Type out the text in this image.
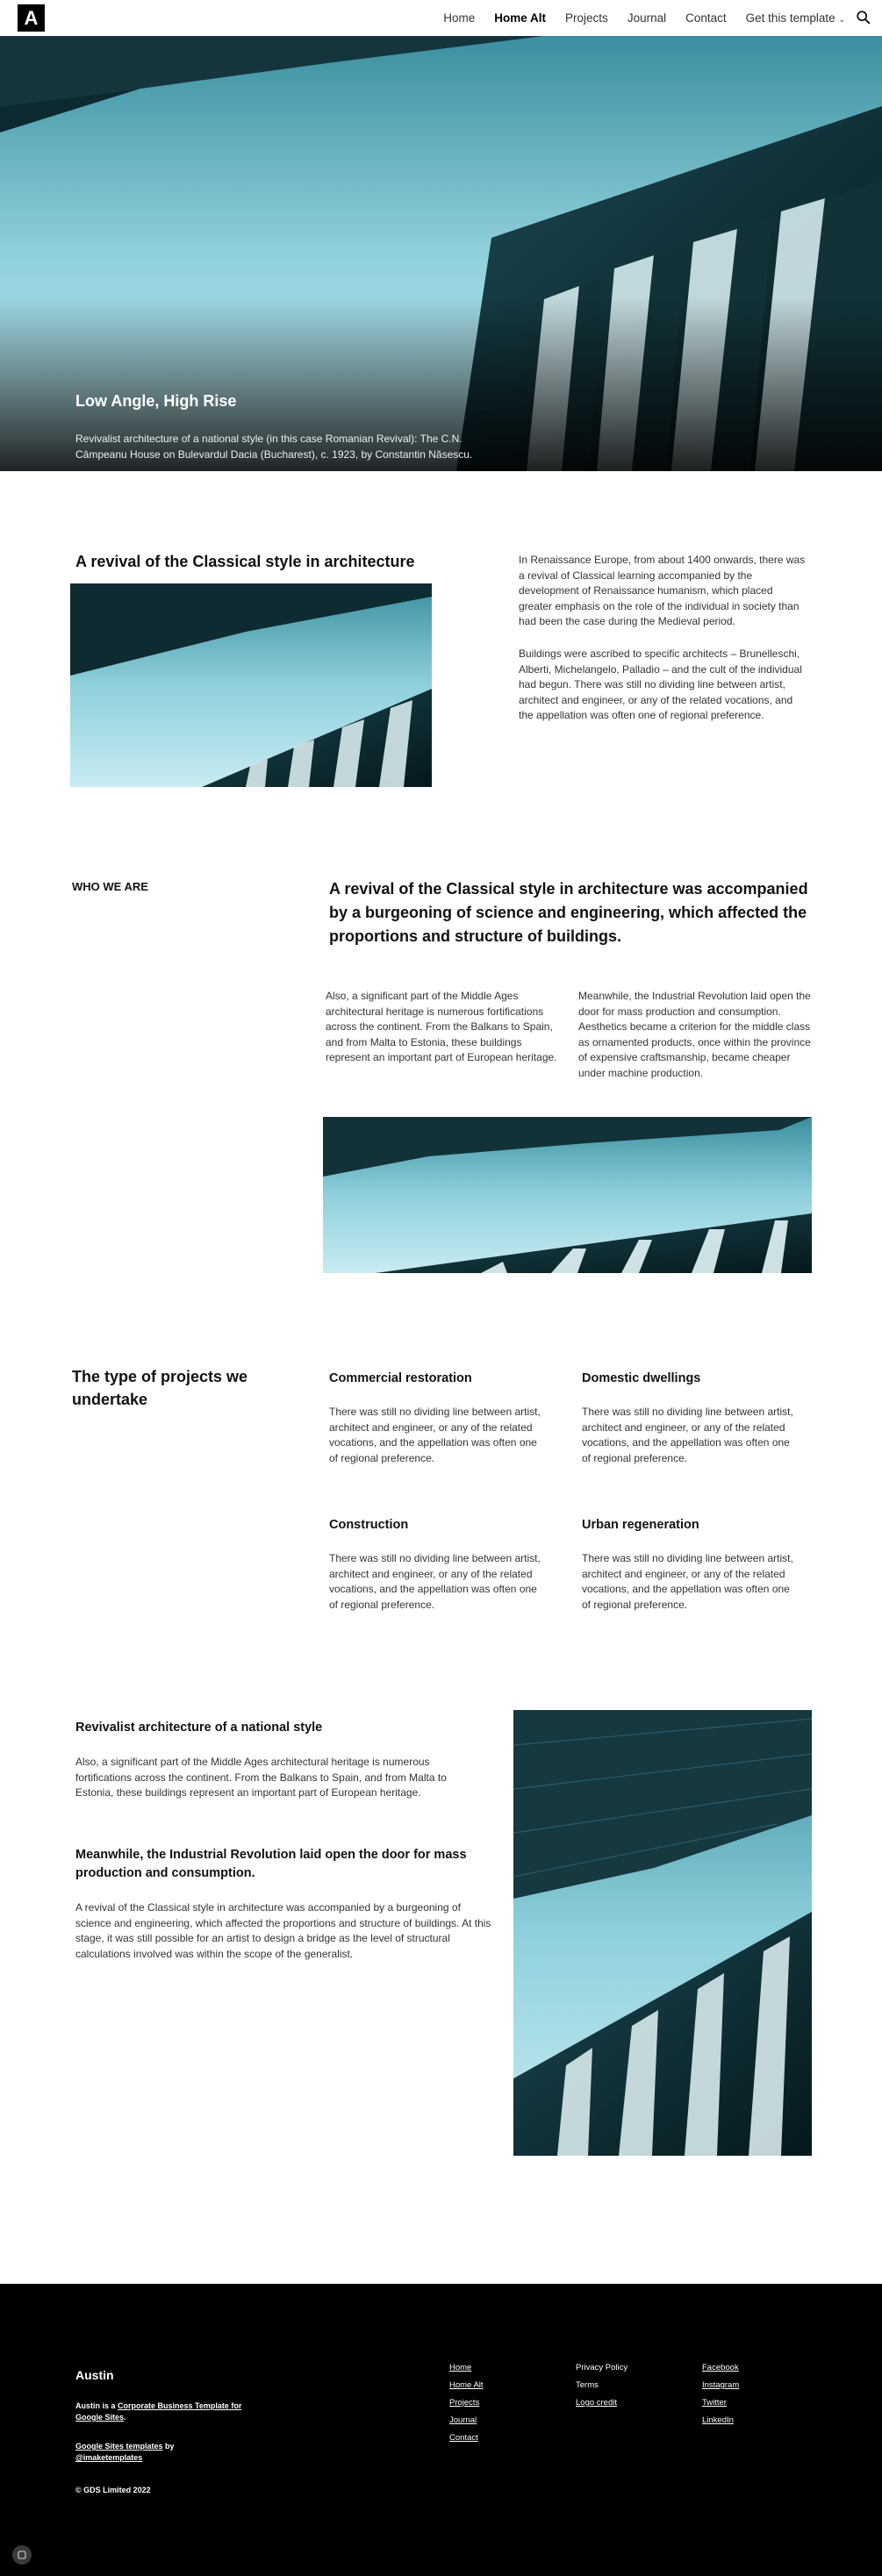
A	Home Home Alt Projects Journal Contact Get this template ⌄
Low Angle, High Rise
Revivalist architecture of a national style (in this case Romanian Revival): The C.N. Câmpeanu House on Bulevardul Dacia (Bucharest), c. 1923, by Constantin Năsescu.
A revival of the Classical style in architecture	In Renaissance Europe, from about 1400 onwards, there was a revival of Classical learning accompanied by the development of Renaissance humanism, which placed greater emphasis on the role of the individual in society than had been the case during the Medieval period.
Buildings were ascribed to specific architects – Brunelleschi, Alberti, Michelangelo, Palladio – and the cult of the individual had begun. There was still no dividing line between artist, architect and engineer, or any of the related vocations, and the appellation was often one of regional preference.
WHO WE ARE	A revival of the Classical style in architecture was accompanied by a burgeoning of science and engineering, which affected the proportions and structure of buildings.
Also, a significant part of the Middle Ages architectural heritage is numerous fortifications across the continent. From the Balkans to Spain, and from Malta to Estonia, these buildings represent an important part of European heritage.
Meanwhile, the Industrial Revolution laid open the door for mass production and consumption. Aesthetics became a criterion for the middle class as ornamented products, once within the province of expensive craftsmanship, became cheaper under machine production.
The type of projects we undertake
Commercial restoration
There was still no dividing line between artist, architect and engineer, or any of the related vocations, and the appellation was often one of regional preference.
Domestic dwellings
There was still no dividing line between artist, architect and engineer, or any of the related vocations, and the appellation was often one of regional preference.
Construction
There was still no dividing line between artist, architect and engineer, or any of the related vocations, and the appellation was often one of regional preference.
Urban regeneration
There was still no dividing line between artist, architect and engineer, or any of the related vocations, and the appellation was often one of regional preference.
Revivalist architecture of a national style
Also, a significant part of the Middle Ages architectural heritage is numerous fortifications across the continent. From the Balkans to Spain, and from Malta to Estonia, these buildings represent an important part of European heritage.
Meanwhile, the Industrial Revolution laid open the door for mass production and consumption.
A revival of the Classical style in architecture was accompanied by a burgeoning of science and engineering, which affected the proportions and structure of buildings. At this stage, it was still possible for an artist to design a bridge as the level of structural calculations involved was within the scope of the generalist.
Austin
Austin is a Corporate Business Template for Google Sites.
Google Sites templates by
@imaketemplates
© GDS Limited 2022
Home
Home Alt
Projects
Journal
Contact
Privacy Policy
Terms
Logo credit
Facebook
Instagram
Twitter
LinkedIn
